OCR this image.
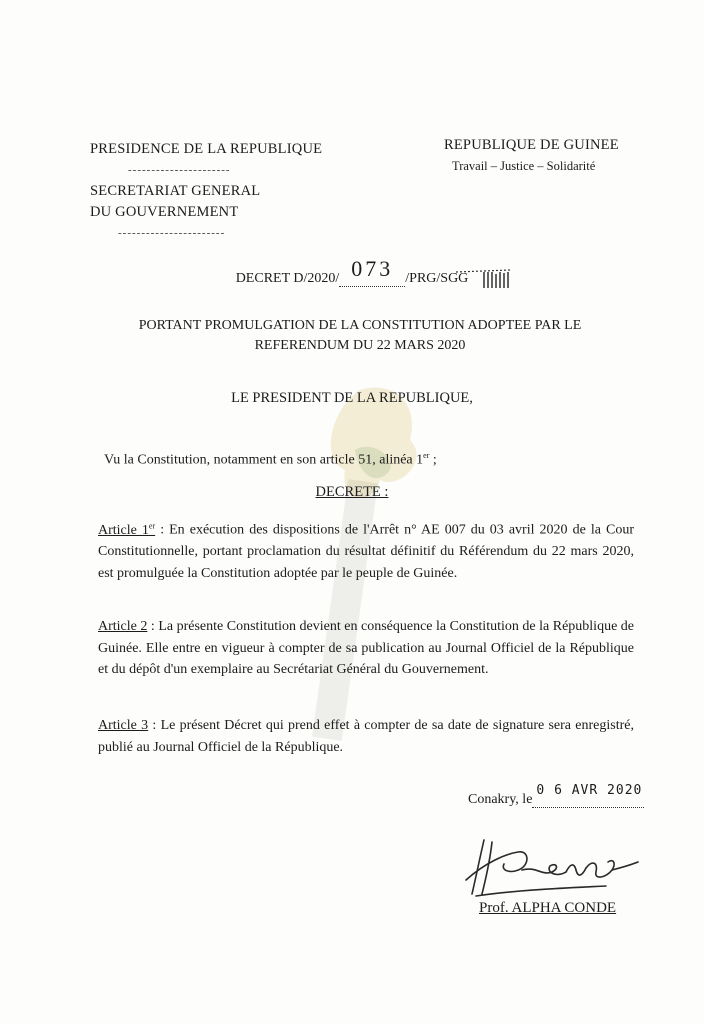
PRESIDENCE DE LA REPUBLIQUE
----------------------
SECRETARIAT GENERAL
DU GOUVERNEMENT
-----------------------
REPUBLIQUE DE GUINEE
Travail – Justice – Solidarité
DECRET D/2020/ 073 /PRG/SGG
PORTANT PROMULGATION DE LA CONSTITUTION ADOPTEE PAR LE REFERENDUM DU 22 MARS 2020
LE PRESIDENT DE LA REPUBLIQUE,
Vu la Constitution, notamment en son article 51, alinéa 1er ;
DECRETE :
Article 1er : En exécution des dispositions de l'Arrêt n° AE 007 du 03 avril 2020 de la Cour Constitutionnelle, portant proclamation du résultat définitif du Référendum du 22 mars 2020, est promulguée la Constitution adoptée par le peuple de Guinée.
Article 2 : La présente Constitution devient en conséquence la Constitution de la République de Guinée. Elle entre en vigueur à compter de sa publication au Journal Officiel de la République et du dépôt d'un exemplaire au Secrétariat Général du Gouvernement.
Article 3 : Le présent Décret qui prend effet à compter de sa date de signature sera enregistré, publié au Journal Officiel de la République.
Conakry, le0 6 AVR 2020
Prof. ALPHA CONDE
